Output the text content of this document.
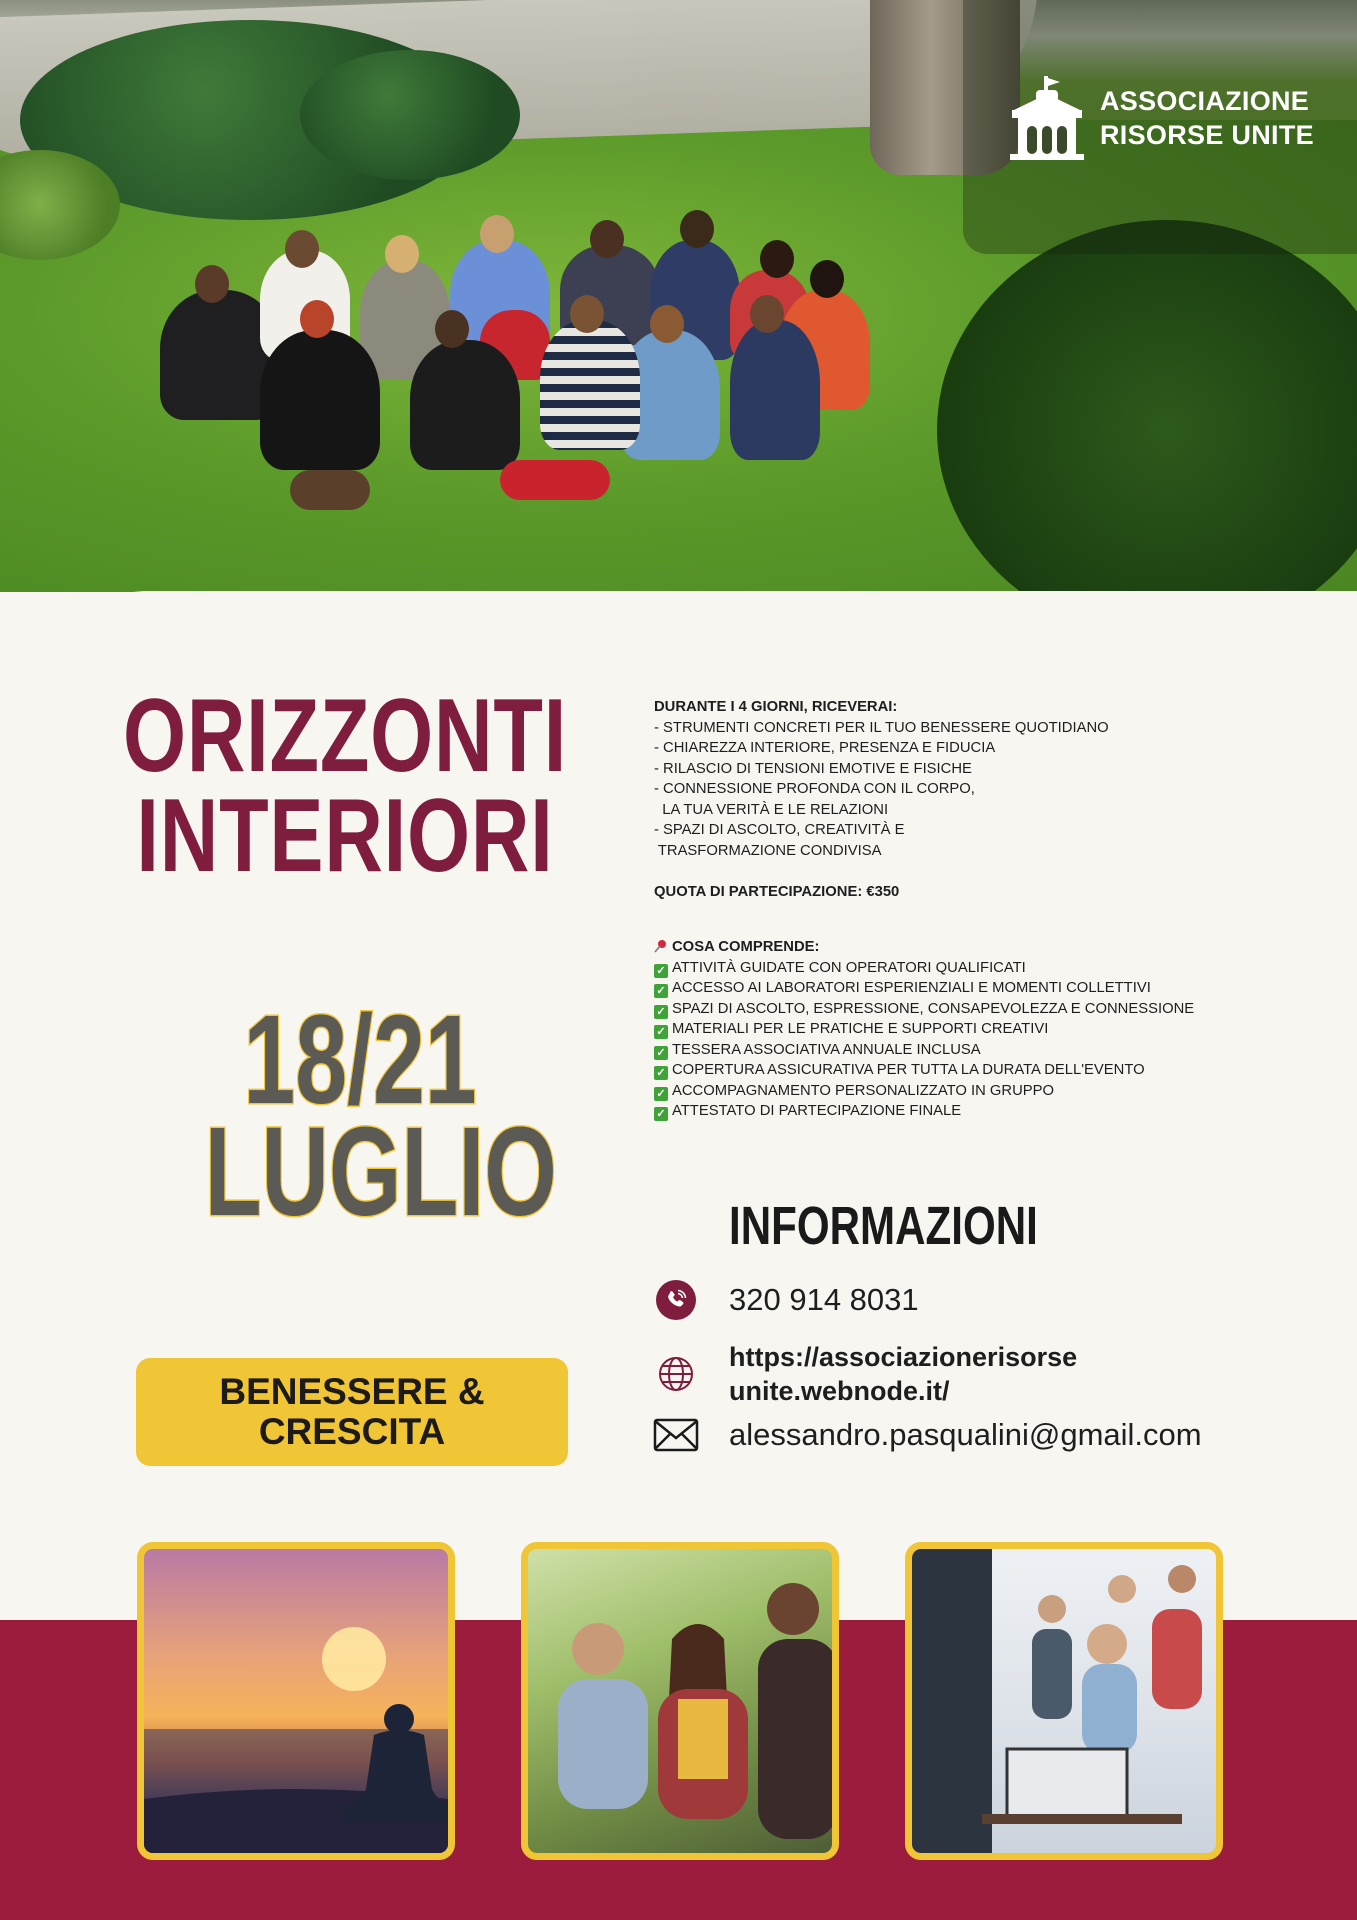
ASSOCIAZIONE
RISORSE UNITE
ORIZZONTI
INTERIORI
18/21
LUGLIO
BENESSERE & CRESCITA
DURANTE I 4 GIORNI, RICEVERAI:
- STRUMENTI CONCRETI PER IL TUO BENESSERE QUOTIDIANO
- CHIAREZZA INTERIORE, PRESENZA E FIDUCIA
- RILASCIO DI TENSIONI EMOTIVE E FISICHE
- CONNESSIONE PROFONDA CON IL CORPO,
LA TUA VERITÀ E LE RELAZIONI
- SPAZI DI ASCOLTO, CREATIVITÀ E
TRASFORMAZIONE CONDIVISA
QUOTA DI PARTECIPAZIONE: €350
COSA COMPRENDE:
✓ ATTIVITÀ GUIDATE CON OPERATORI QUALIFICATI
✓ ACCESSO AI LABORATORI ESPERIENZIALI E MOMENTI COLLETTIVI
✓ SPAZI DI ASCOLTO, ESPRESSIONE, CONSAPEVOLEZZA E CONNESSIONE
✓ MATERIALI PER LE PRATICHE E SUPPORTI CREATIVI
✓ TESSERA ASSOCIATIVA ANNUALE INCLUSA
✓ COPERTURA ASSICURATIVA PER TUTTA LA DURATA DELL'EVENTO
✓ ACCOMPAGNAMENTO PERSONALIZZATO IN GRUPPO
✓ ATTESTATO DI PARTECIPAZIONE FINALE
INFORMAZIONI
320 914 8031
https://associazionerisorse
unite.webnode.it/
alessandro.pasqualini@gmail.com
